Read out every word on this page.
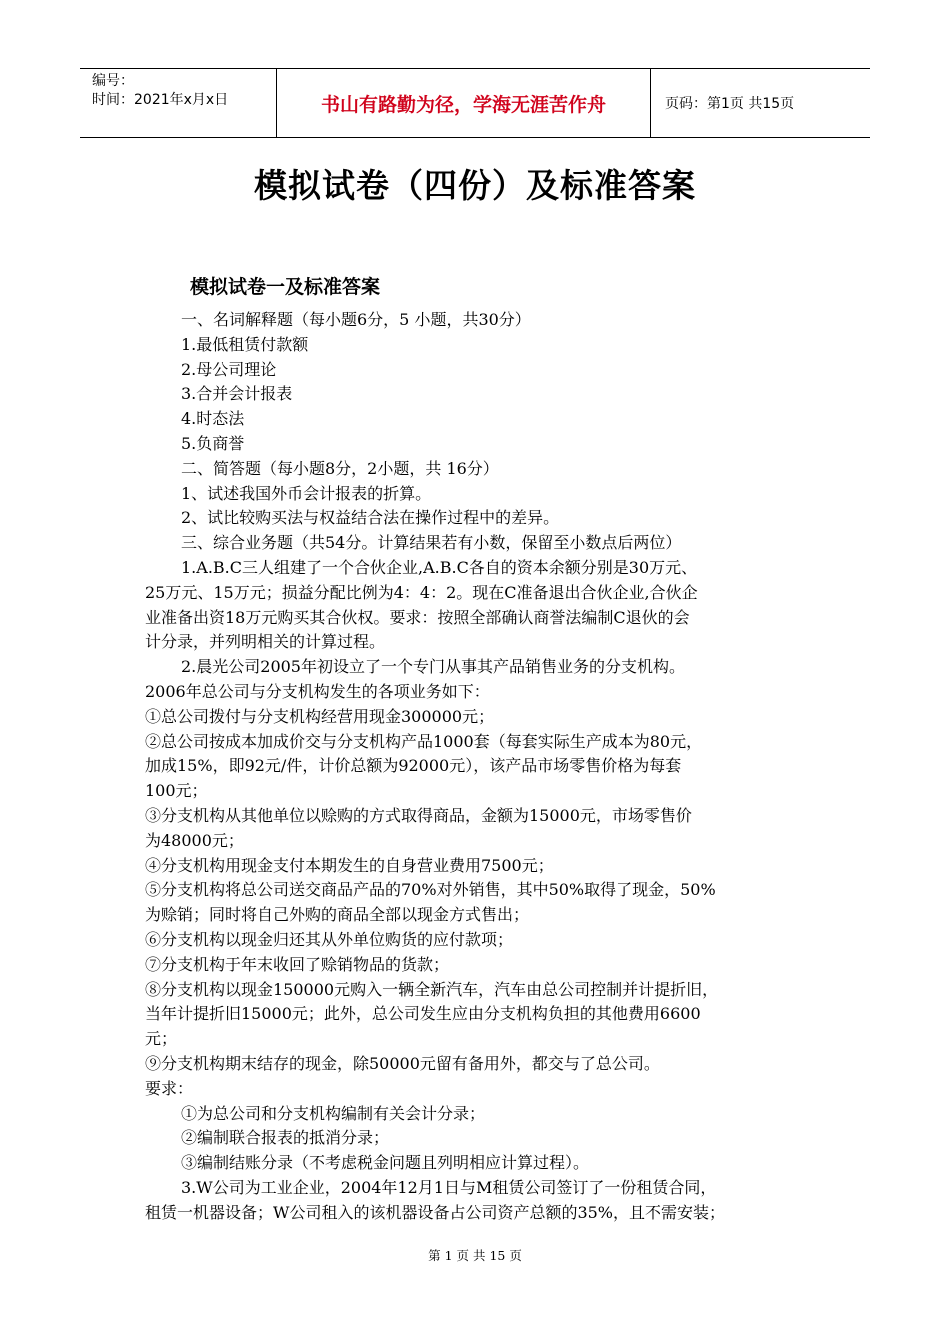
编号：
时间：2021年x月x日	书山有路勤为径，学海无涯苦作舟	页码：第1页 共15页
模拟试卷（四份）及标准答案
模拟试卷一及标准答案

一、名词解释题（每小题6分，5 小题，共30分）

1.最低租赁付款额

2.母公司理论

3.合并会计报表

4.时态法

5.负商誉

二、简答题（每小题8分，2小题，共 16分）

1、试述我国外币会计报表的折算。

2、试比较购买法与权益结合法在操作过程中的差异。

三、综合业务题（共54分。计算结果若有小数，保留至小数点后两位）

1.A.B.C三人组建了一个合伙企业,A.B.C各自的资本余额分别是30万元、

25万元、15万元；损益分配比例为4：4：2。现在C准备退出合伙企业,合伙企

业准备出资18万元购买其合伙权。要求：按照全部确认商誉法编制C退伙的会

计分录，并列明相关的计算过程。

2.晨光公司2005年初设立了一个专门从事其产品销售业务的分支机构。

2006年总公司与分支机构发生的各项业务如下：

①总公司拨付与分支机构经营用现金300000元；

②总公司按成本加成价交与分支机构产品1000套（每套实际生产成本为80元，

加成15%，即92元/件，计价总额为92000元），该产品市场零售价格为每套

100元；

③分支机构从其他单位以赊购的方式取得商品，金额为15000元，市场零售价

为48000元；

④分支机构用现金支付本期发生的自身营业费用7500元；

⑤分支机构将总公司送交商品产品的70%对外销售，其中50%取得了现金，50%

为赊销；同时将自己外购的商品全部以现金方式售出；

⑥分支机构以现金归还其从外单位购货的应付款项；

⑦分支机构于年末收回了赊销物品的货款；

⑧分支机构以现金150000元购入一辆全新汽车，汽车由总公司控制并计提折旧，

当年计提折旧15000元；此外，总公司发生应由分支机构负担的其他费用6600

元；

⑨分支机构期末结存的现金，除50000元留有备用外，都交与了总公司。

要求：

①为总公司和分支机构编制有关会计分录；

②编制联合报表的抵消分录；

③编制结账分录（不考虑税金问题且列明相应计算过程）。

3.W公司为工业企业，2004年12月1日与M租赁公司签订了一份租赁合同，

租赁一机器设备；W公司租入的该机器设备占公司资产总额的35%，且不需安装；

第 1 页 共 15 页
